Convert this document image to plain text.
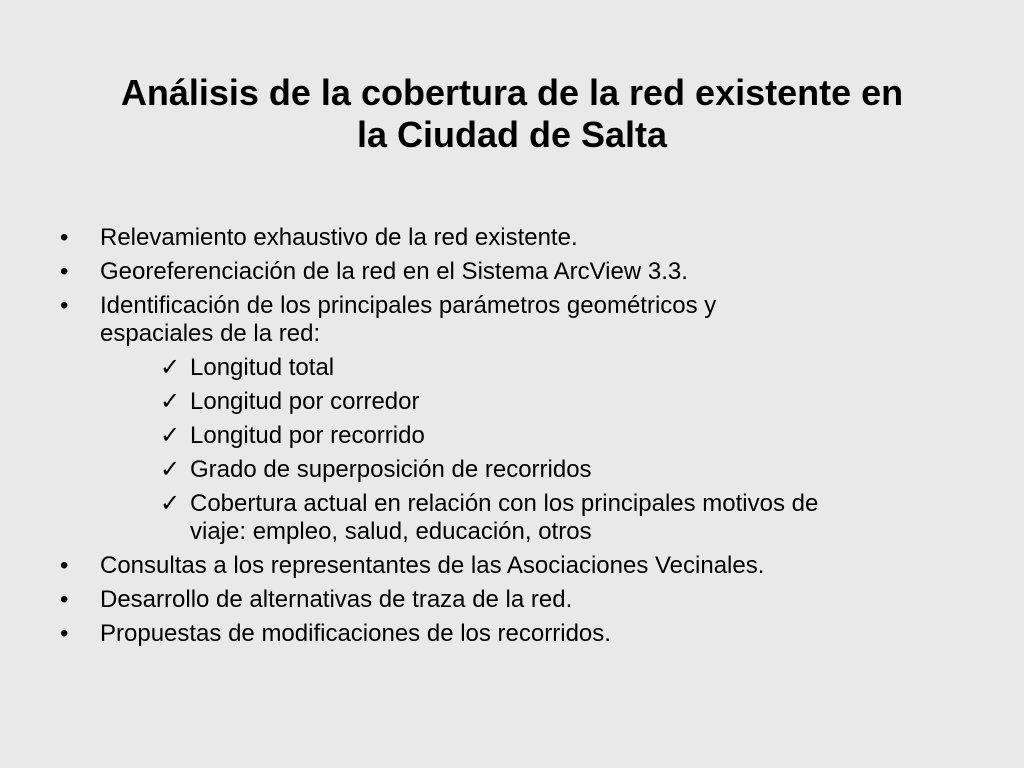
Análisis de la cobertura de la red existente en
la Ciudad de Salta
• Relevamiento exhaustivo de la red existente.
• Georeferenciación de la red en el Sistema ArcView 3.3.
• Identificación de los principales parámetros geométricos y
espaciales de la red:
✓ Longitud total
✓ Longitud por corredor
✓ Longitud por recorrido
✓ Grado de superposición de recorridos
✓ Cobertura actual en relación con los principales motivos de
viaje: empleo, salud, educación, otros
• Consultas a los representantes de las Asociaciones Vecinales.
• Desarrollo de alternativas de traza de la red.
• Propuestas de modificaciones de los recorridos.
